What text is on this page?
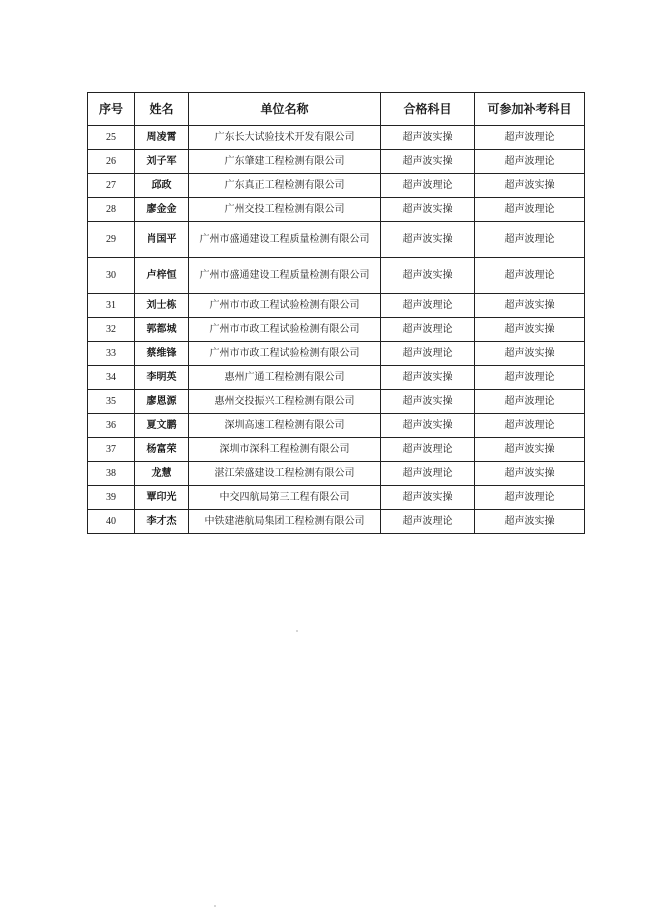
序号	姓名	单位名称	合格科目	可参加补考科目
25	周凌霄	广东长大试验技术开发有限公司	超声波实操	超声波理论
26	刘子军	广东肇建工程检测有限公司	超声波实操	超声波理论
27	邱政	广东真正工程检测有限公司	超声波理论	超声波实操
28	廖金金	广州交投工程检测有限公司	超声波实操	超声波理论
29	肖国平	广州市盛通建设工程质量检测有限公司	超声波实操	超声波理论
30	卢梓恒	广州市盛通建设工程质量检测有限公司	超声波实操	超声波理论
31	刘士栋	广州市市政工程试验检测有限公司	超声波理论	超声波实操
32	郭都城	广州市市政工程试验检测有限公司	超声波理论	超声波实操
33	蔡维锋	广州市市政工程试验检测有限公司	超声波理论	超声波实操
34	李明英	惠州广通工程检测有限公司	超声波实操	超声波理论
35	廖恩源	惠州交投振兴工程检测有限公司	超声波实操	超声波理论
36	夏文鹏	深圳高速工程检测有限公司	超声波实操	超声波理论
37	杨富荣	深圳市深科工程检测有限公司	超声波理论	超声波实操
38	龙慧	湛江荣盛建设工程检测有限公司	超声波理论	超声波实操
39	覃印光	中交四航局第三工程有限公司	超声波实操	超声波理论
40	李才杰	中铁建港航局集团工程检测有限公司	超声波理论	超声波实操
